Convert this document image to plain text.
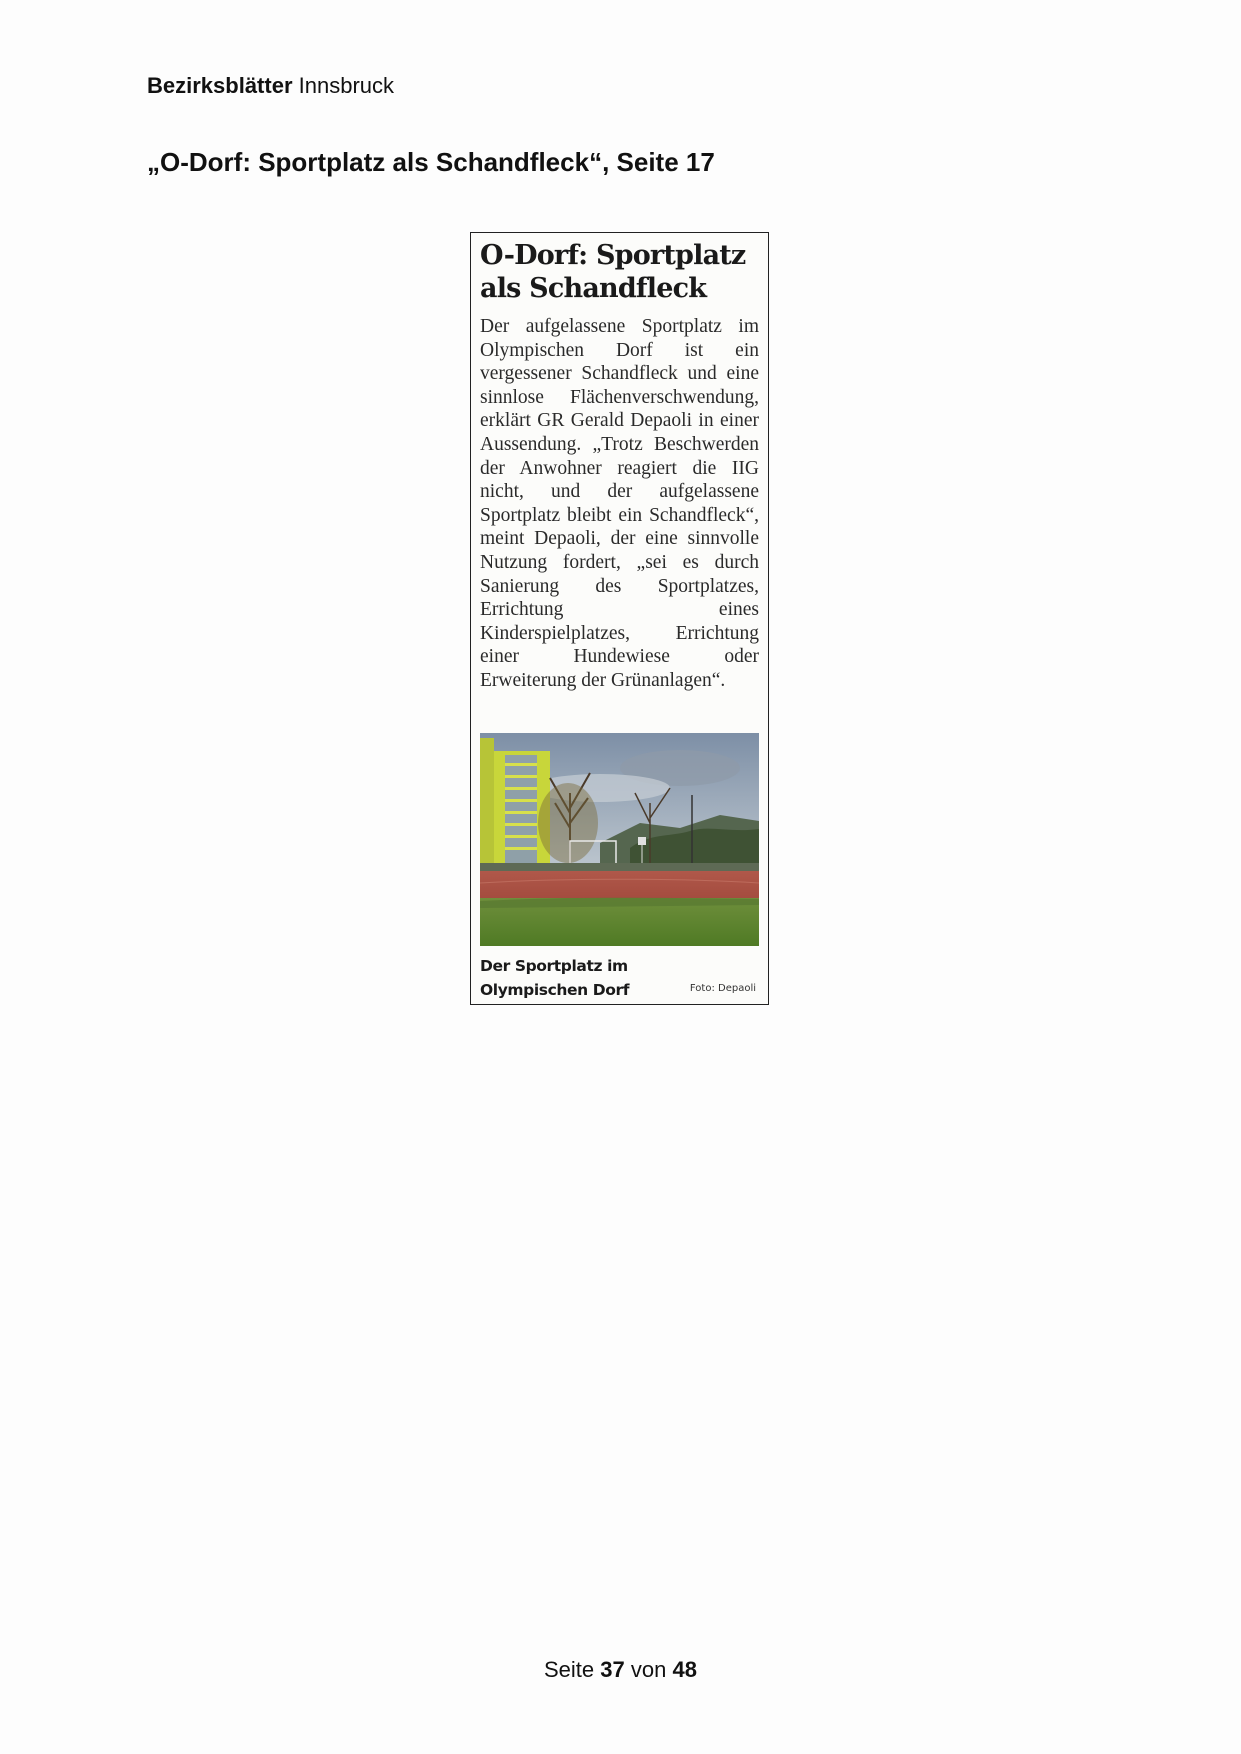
Bezirksblätter Innsbruck
„O-Dorf: Sportplatz als Schandfleck“, Seite 17
O-Dorf: Sportplatz als Schandfleck
Der aufgelassene Sportplatz im Olympischen Dorf ist ein vergessener Schandfleck und eine sinnlose Flächenverschwendung, erklärt GR Gerald Depaoli in einer Aussendung. „Trotz Beschwerden der Anwohner reagiert die IIG nicht, und der aufgelassene Sportplatz bleibt ein Schandfleck“, meint Depaoli, der eine sinnvolle Nutzung fordert, „sei es durch Sanierung des Sportplatzes, Errichtung eines Kinderspielplatzes, Errichtung einer Hundewiese oder Erweiterung der Grünanlagen“.
Der Sportplatz im Olympischen Dorf	Foto: Depaoli
Seite 37 von 48
